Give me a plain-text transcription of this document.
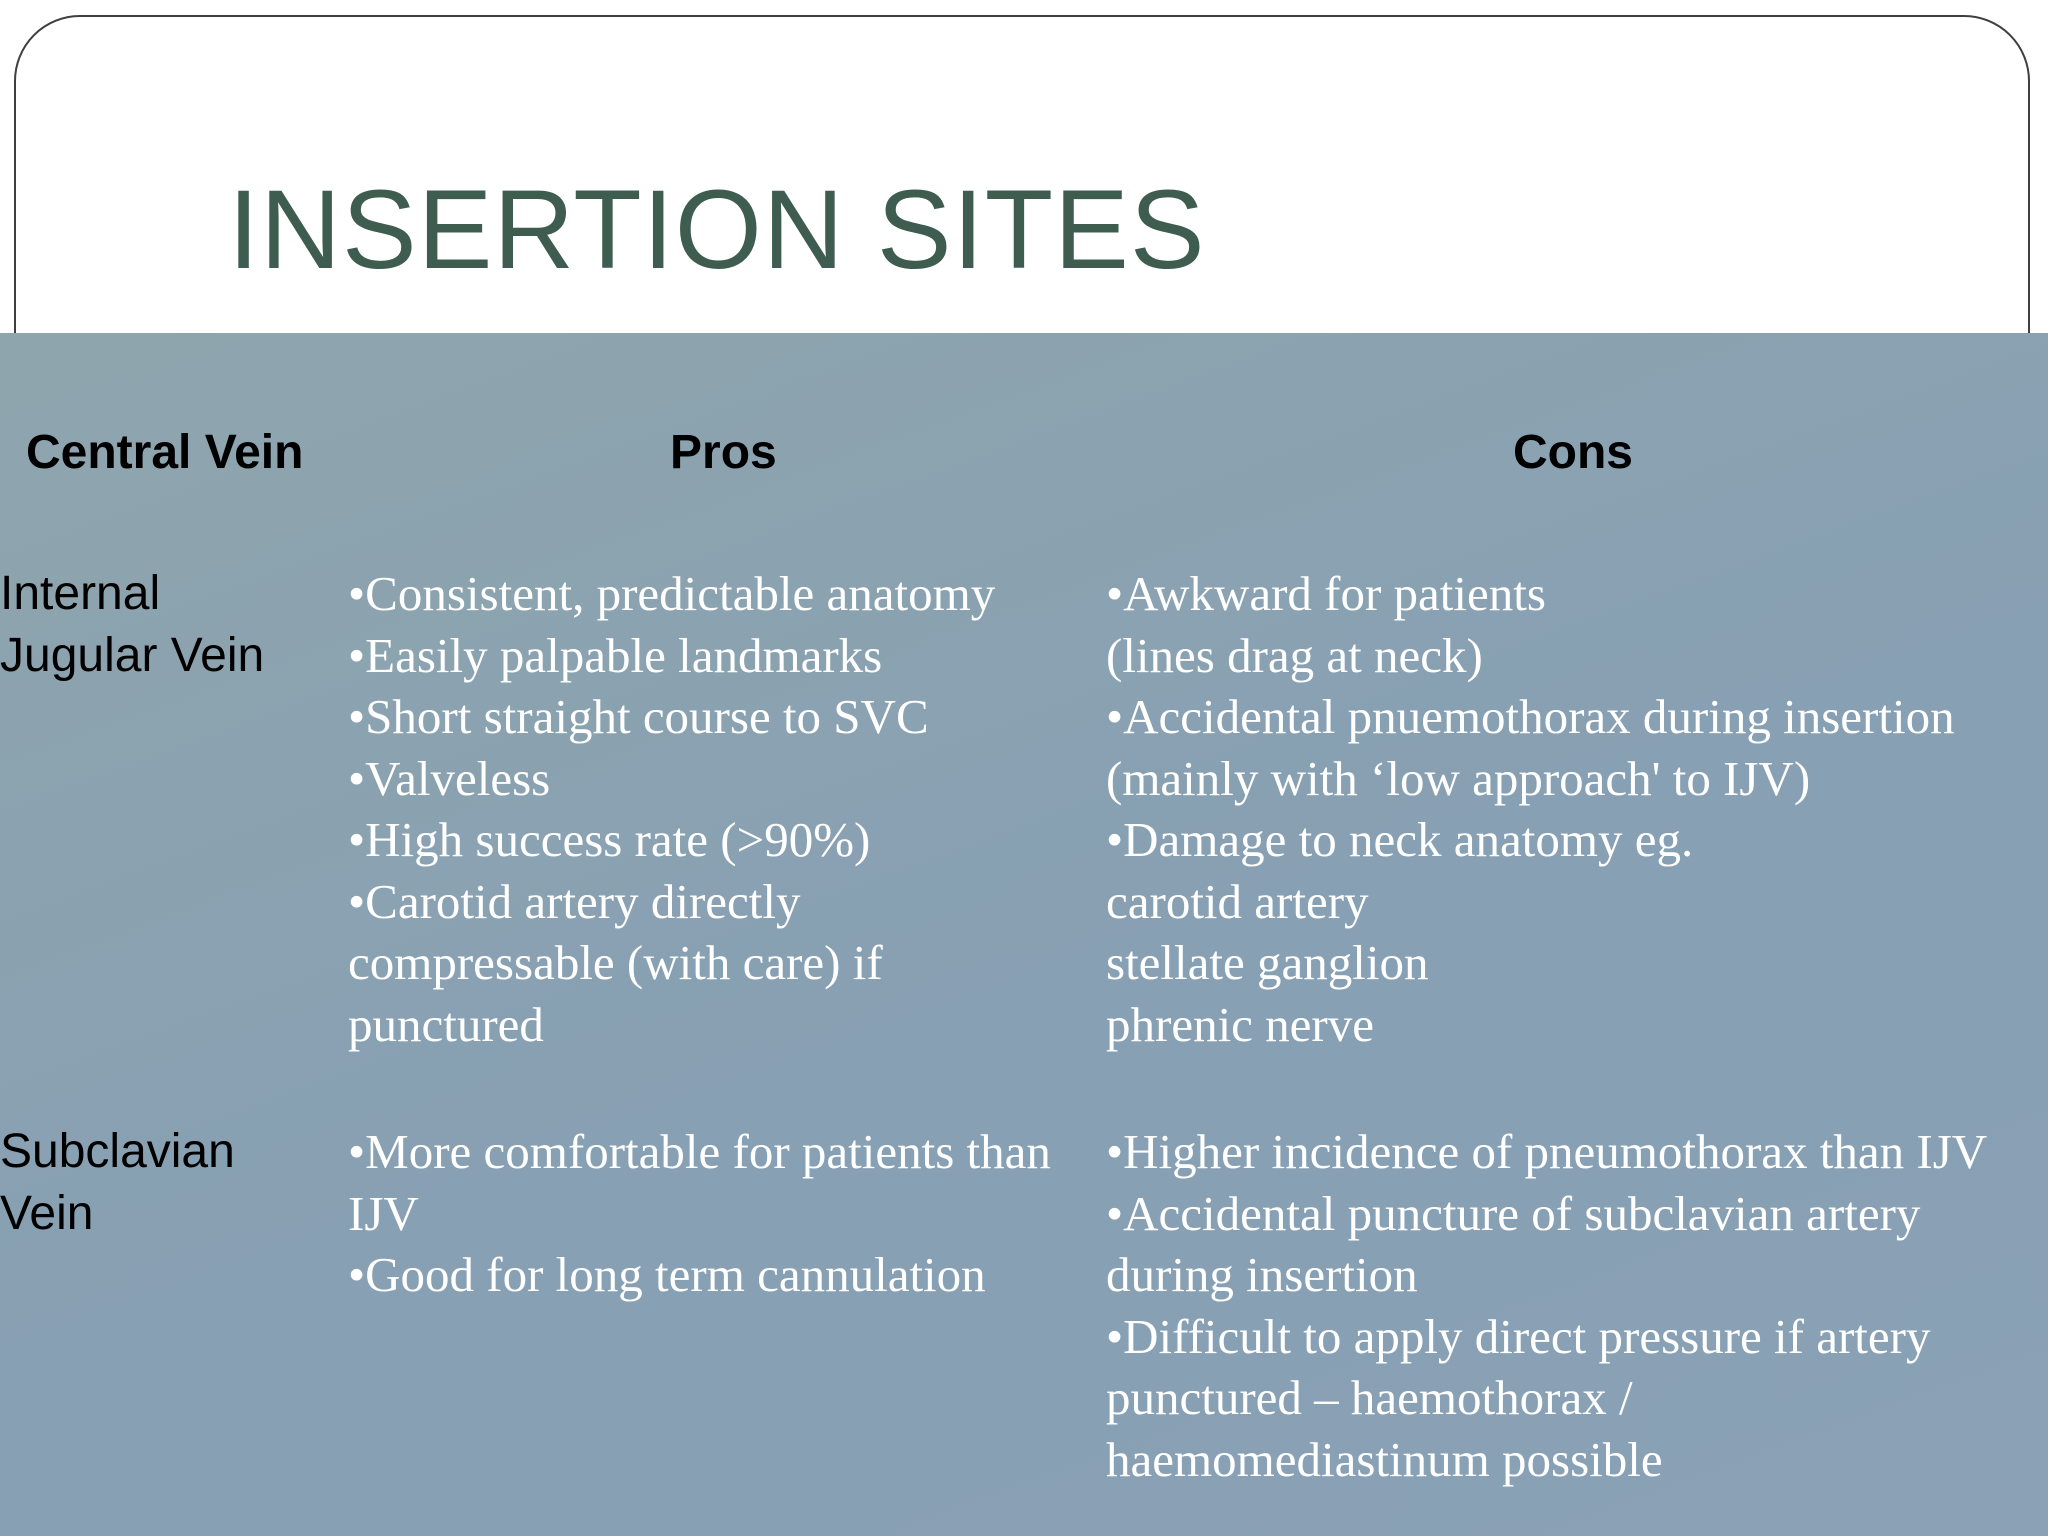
INSERTION SITES
Central Vein	Pros	Cons
Internal
Jugular Vein
•Consistent, predictable anatomy
•Easily palpable landmarks
•Short straight course to SVC
•Valveless
•High success rate (>90%)
•Carotid artery directly
compressable (with care) if
punctured
•Awkward for patients
(lines drag at neck)
•Accidental pnuemothorax during insertion
(mainly with ‘low approach' to IJV)
•Damage to neck anatomy eg.
carotid artery
stellate ganglion
phrenic nerve
Subclavian
Vein
•More comfortable for patients than
IJV
•Good for long term cannulation
•Higher incidence of pneumothorax than IJV
•Accidental puncture of subclavian artery
during insertion
•Difficult to apply direct pressure if artery
punctured – haemothorax /
haemomediastinum possible
